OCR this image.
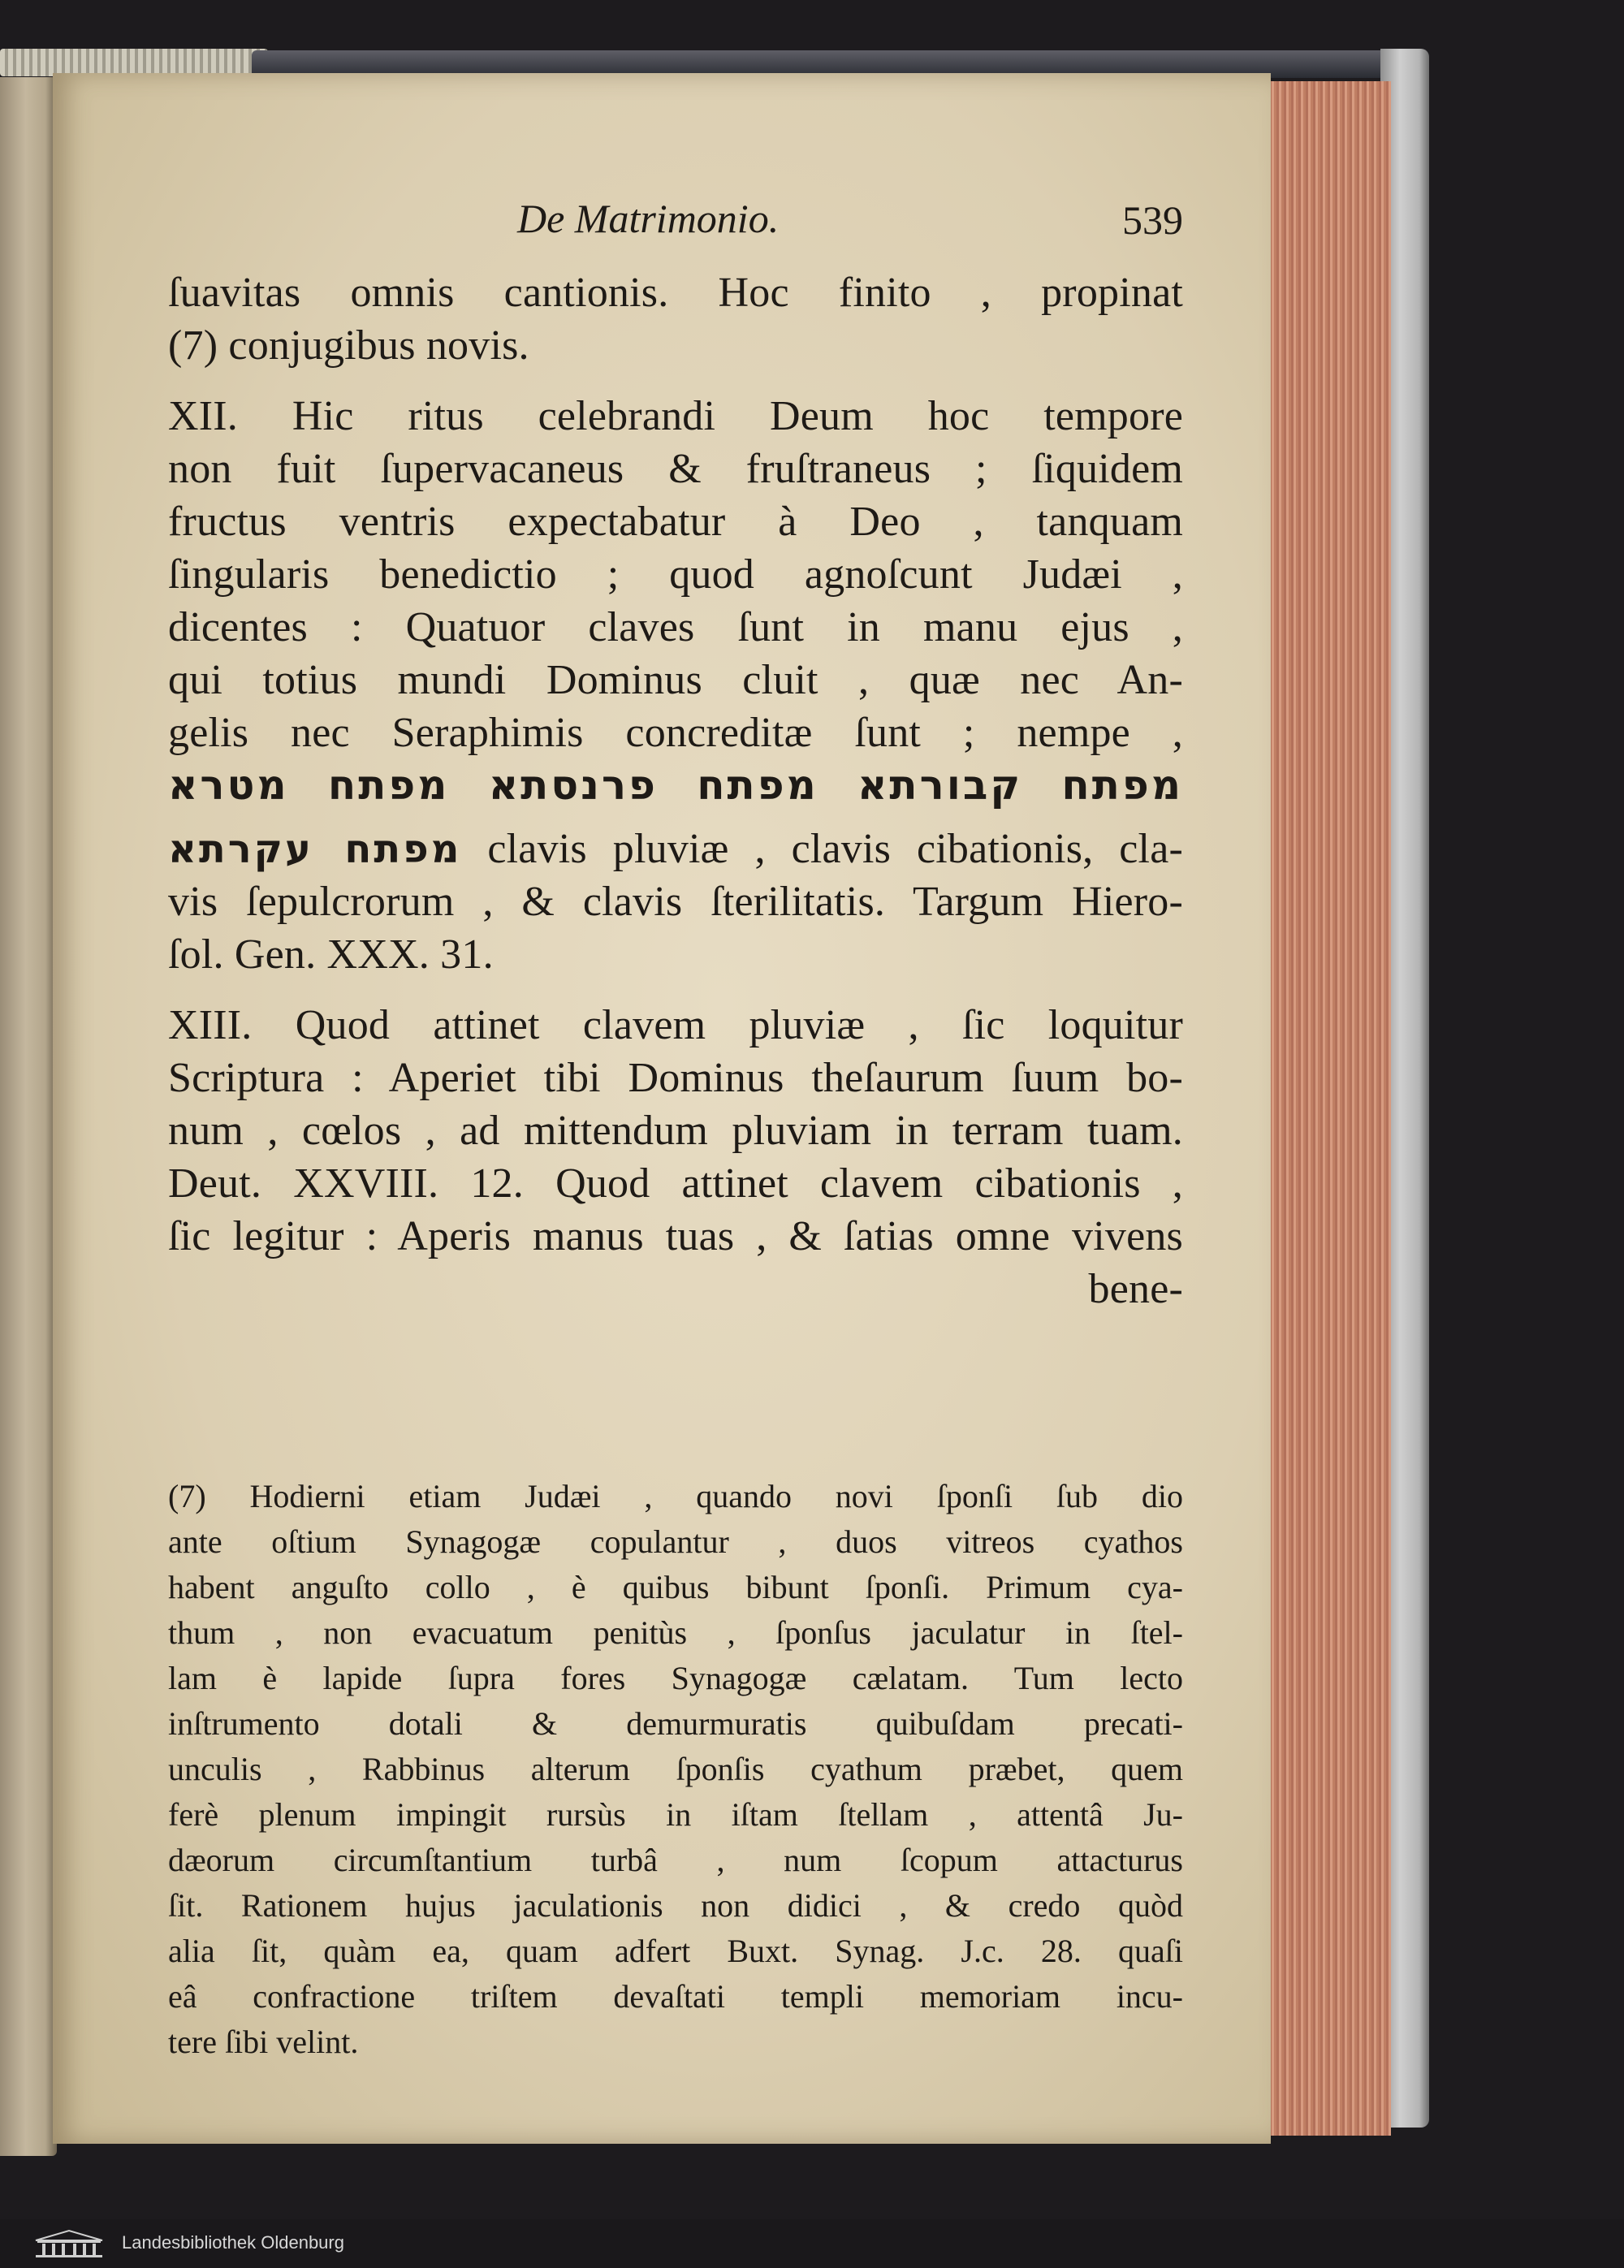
De Matrimonio.	539
ſuavitas omnis cantionis. Hoc finito , propinat
(7) conjugibus novis.
XII. Hic ritus celebrandi Deum hoc tempore
non fuit ſupervacaneus & fruſtraneus ; ſiquidem
fructus ventris expectabatur à Deo , tanquam
ſingularis benedictio ; quod agnoſcunt Judæi ,
dicentes : Quatuor claves ſunt in manu ejus ,
qui totius mundi Dominus cluit , quæ nec An-
gelis nec Seraphimis concreditæ ſunt ; nempe ,
מפתח קבורתא מפתח פרנסתא מפתח מטרא
מפתח עקרתא clavis pluviæ , clavis cibationis, cla-
vis ſepulcrorum , & clavis ſterilitatis. Targum Hiero-
ſol. Gen. XXX. 31.
XIII. Quod attinet clavem pluviæ , ſic loquitur
Scriptura : Aperiet tibi Dominus theſaurum ſuum bo-
num , cœlos , ad mittendum pluviam in terram tuam.
Deut. XXVIII. 12. Quod attinet clavem cibationis ,
ſic legitur : Aperis manus tuas , & ſatias omne vivens
bene-
(7) Hodierni etiam Judæi , quando novi ſponſi ſub dio
ante oſtium Synagogæ copulantur , duos vitreos cyathos
habent anguſto collo , è quibus bibunt ſponſi. Primum cya-
thum , non evacuatum penitùs , ſponſus jaculatur in ſtel-
lam è lapide ſupra fores Synagogæ cælatam. Tum lecto
inſtrumento dotali & demurmuratis quibuſdam precati-
unculis , Rabbinus alterum ſponſis cyathum præbet, quem
ferè plenum impingit rursùs in iſtam ſtellam , attentâ Ju-
dæorum circumſtantium turbâ , num ſcopum attacturus
ſit. Rationem hujus jaculationis non didici , & credo quòd
alia ſit, quàm ea, quam adfert Buxt. Synag. J.c. 28. quaſi
eâ confractione triſtem devaſtati templi memoriam incu-
tere ſibi velint.
Landesbibliothek Oldenburg
